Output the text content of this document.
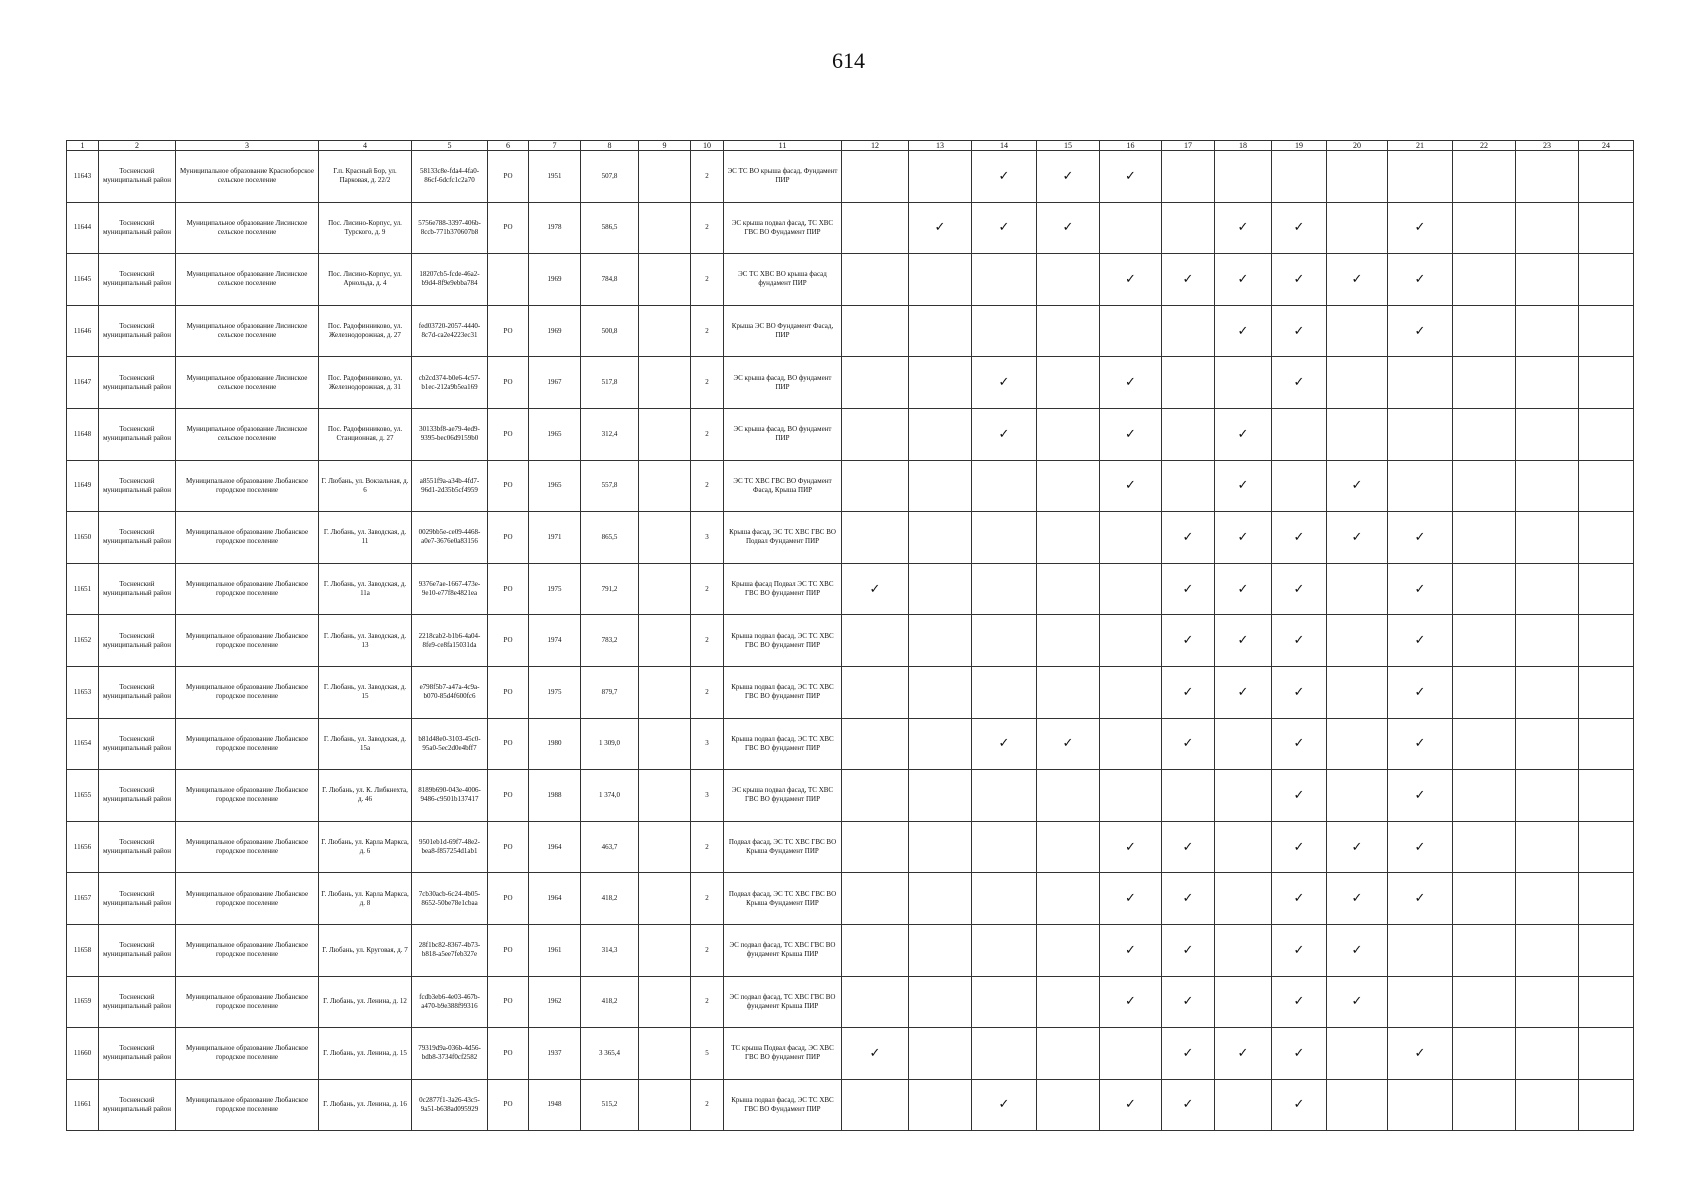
614
1	2	3	4	5	6	7	8	9	10	11	12	13	14	15	16	17	18	19	20	21	22	23	24
11643	Тосненский муниципальный район	Муниципальное образование Красноборское сельское поселение	Г.п. Красный Бор, ул. Парковая, д. 22/2	58133c8e-fda4-4fa0-86cf-6dcfc1c2a70	РО	1951	507,8		2	ЭС ТС ВО крыша фасад, Фундамент ПИР			✓	✓	✓								
11644	Тосненский муниципальный район	Муниципальное образование Лисинское сельское поселение	Пос. Лисино-Корпус, ул. Турского, д. 9	5756e788-3397-406b-8ccb-771b370607b8	РО	1978	586,5		2	ЭС крыша подвал фасад, ТС ХВС ГВС ВО Фундамент ПИР		✓	✓	✓			✓	✓		✓			
11645	Тосненский муниципальный район	Муниципальное образование Лисинское сельское поселение	Пос. Лисино-Корпус, ул. Арнольда, д. 4	18207cb5-fcde-46a2-b9d4-8f9e9ebba784		1969	784,8		2	ЭС ТС ХВС ВО крыша фасад фундамент ПИР					✓	✓	✓	✓	✓	✓			
11646	Тосненский муниципальный район	Муниципальное образование Лисинское сельское поселение	Пос. Радофинниково, ул. Железнодорожная, д. 27	fed03720-2057-4440-8c7d-ca2e4223ec31	РО	1969	500,8		2	Крыша ЭС ВО Фундамент Фасад, ПИР							✓	✓		✓			
11647	Тосненский муниципальный район	Муниципальное образование Лисинское сельское поселение	Пос. Радофинниково, ул. Железнодорожная, д. 31	cb2cd374-b0e6-4c57-b1ec-212a9b5ea169	РО	1967	517,8		2	ЭС крыша фасад, ВО фундамент ПИР			✓		✓			✓					
11648	Тосненский муниципальный район	Муниципальное образование Лисинское сельское поселение	Пос. Радофинниково, ул. Станционная, д. 27	30133bf8-ae79-4ed9-9395-bec06d9159b0	РО	1965	312,4		2	ЭС крыша фасад, ВО фундамент ПИР			✓		✓		✓						
11649	Тосненский муниципальный район	Муниципальное образование Любанское городское поселение	Г. Любань, ул. Вокзальная, д. 6	a8551f9a-a34b-4fd7-96d1-2d35b5cf4959	РО	1965	557,8		2	ЭС ТС ХВС ГВС ВО Фундамент Фасад, Крыша ПИР					✓		✓		✓				
11650	Тосненский муниципальный район	Муниципальное образование Любанское городское поселение	Г. Любань, ул. Заводская, д. 11	0029bb5e-ce09-4468-a0e7-3676e0a83156	РО	1971	865,5		3	Крыша фасад, ЭС ТС ХВС ГВС ВО Подвал Фундамент ПИР						✓	✓	✓	✓	✓			
11651	Тосненский муниципальный район	Муниципальное образование Любанское городское поселение	Г. Любань, ул. Заводская, д. 11а	9376e7ae-1667-473e-9e10-e77f8e4821ea	РО	1975	791,2		2	Крыша фасад Подвал ЭС ТС ХВС ГВС ВО фундамент ПИР	✓					✓	✓	✓		✓			
11652	Тосненский муниципальный район	Муниципальное образование Любанское городское поселение	Г. Любань, ул. Заводская, д. 13	2218cab2-b1b6-4a04-8fe9-ce8fa15031da	РО	1974	783,2		2	Крыша подвал фасад, ЭС ТС ХВС ГВС ВО фундамент ПИР						✓	✓	✓		✓			
11653	Тосненский муниципальный район	Муниципальное образование Любанское городское поселение	Г. Любань, ул. Заводская, д. 15	e798f5b7-a47a-4c9a-b070-85d4f600fc6	РО	1975	879,7		2	Крыша подвал фасад, ЭС ТС ХВС ГВС ВО фундамент ПИР						✓	✓	✓		✓			
11654	Тосненский муниципальный район	Муниципальное образование Любанское городское поселение	Г. Любань, ул. Заводская, д. 15а	b81d48e0-3103-45c0-95a0-5ec2d0e4bff7	РО	1980	1 309,0		3	Крыша подвал фасад, ЭС ТС ХВС ГВС ВО фундамент ПИР			✓	✓		✓		✓		✓			
11655	Тосненский муниципальный район	Муниципальное образование Любанское городское поселение	Г. Любань, ул. К. Либкнехта, д. 46	8189b690-043e-4006-9486-c9501b137417	РО	1988	1 374,0		3	ЭС крыша подвал фасад, ТС ХВС ГВС ВО фундамент ПИР								✓		✓			
11656	Тосненский муниципальный район	Муниципальное образование Любанское городское поселение	Г. Любань, ул. Карла Маркса, д. 6	9501eb1d-69f7-48e2-bea8-f857254d1ab1	РО	1964	463,7		2	Подвал фасад, ЭС ТС ХВС ГВС ВО Крыша Фундамент ПИР					✓	✓		✓	✓	✓			
11657	Тосненский муниципальный район	Муниципальное образование Любанское городское поселение	Г. Любань, ул. Карла Маркса, д. 8	7cb30acb-6c24-4b05-8652-50be78e1cbaa	РО	1964	418,2		2	Подвал фасад, ЭС ТС ХВС ГВС ВО Крыша Фундамент ПИР					✓	✓		✓	✓	✓			
11658	Тосненский муниципальный район	Муниципальное образование Любанское городское поселение	Г. Любань, ул. Круговая, д. 7	28f1bc82-8367-4b73-b818-a5ee7feb327e	РО	1961	314,3		2	ЭС подвал фасад, ТС ХВС ГВС ВО фундамент Крыша ПИР					✓	✓		✓	✓				
11659	Тосненский муниципальный район	Муниципальное образование Любанское городское поселение	Г. Любань, ул. Ленина, д. 12	fcdb3eb6-4e03-467b-a470-b9e388f99316	РО	1962	418,2		2	ЭС подвал фасад, ТС ХВС ГВС ВО фундамент Крыша ПИР					✓	✓		✓	✓				
11660	Тосненский муниципальный район	Муниципальное образование Любанское городское поселение	Г. Любань, ул. Ленина, д. 15	79319d9a-036b-4d56-bdb8-3734f0cf2582	РО	1937	3 365,4		5	ТС крыша Подвал фасад, ЭС ХВС ГВС ВО фундамент ПИР	✓					✓	✓	✓		✓			
11661	Тосненский муниципальный район	Муниципальное образование Любанское городское поселение	Г. Любань, ул. Ленина, д. 16	0c2877f1-3a26-43c5-9a51-b638ad095929	РО	1948	515,2		2	Крыша подвал фасад, ЭС ТС ХВС ГВС ВО Фундамент ПИР			✓		✓	✓		✓					
